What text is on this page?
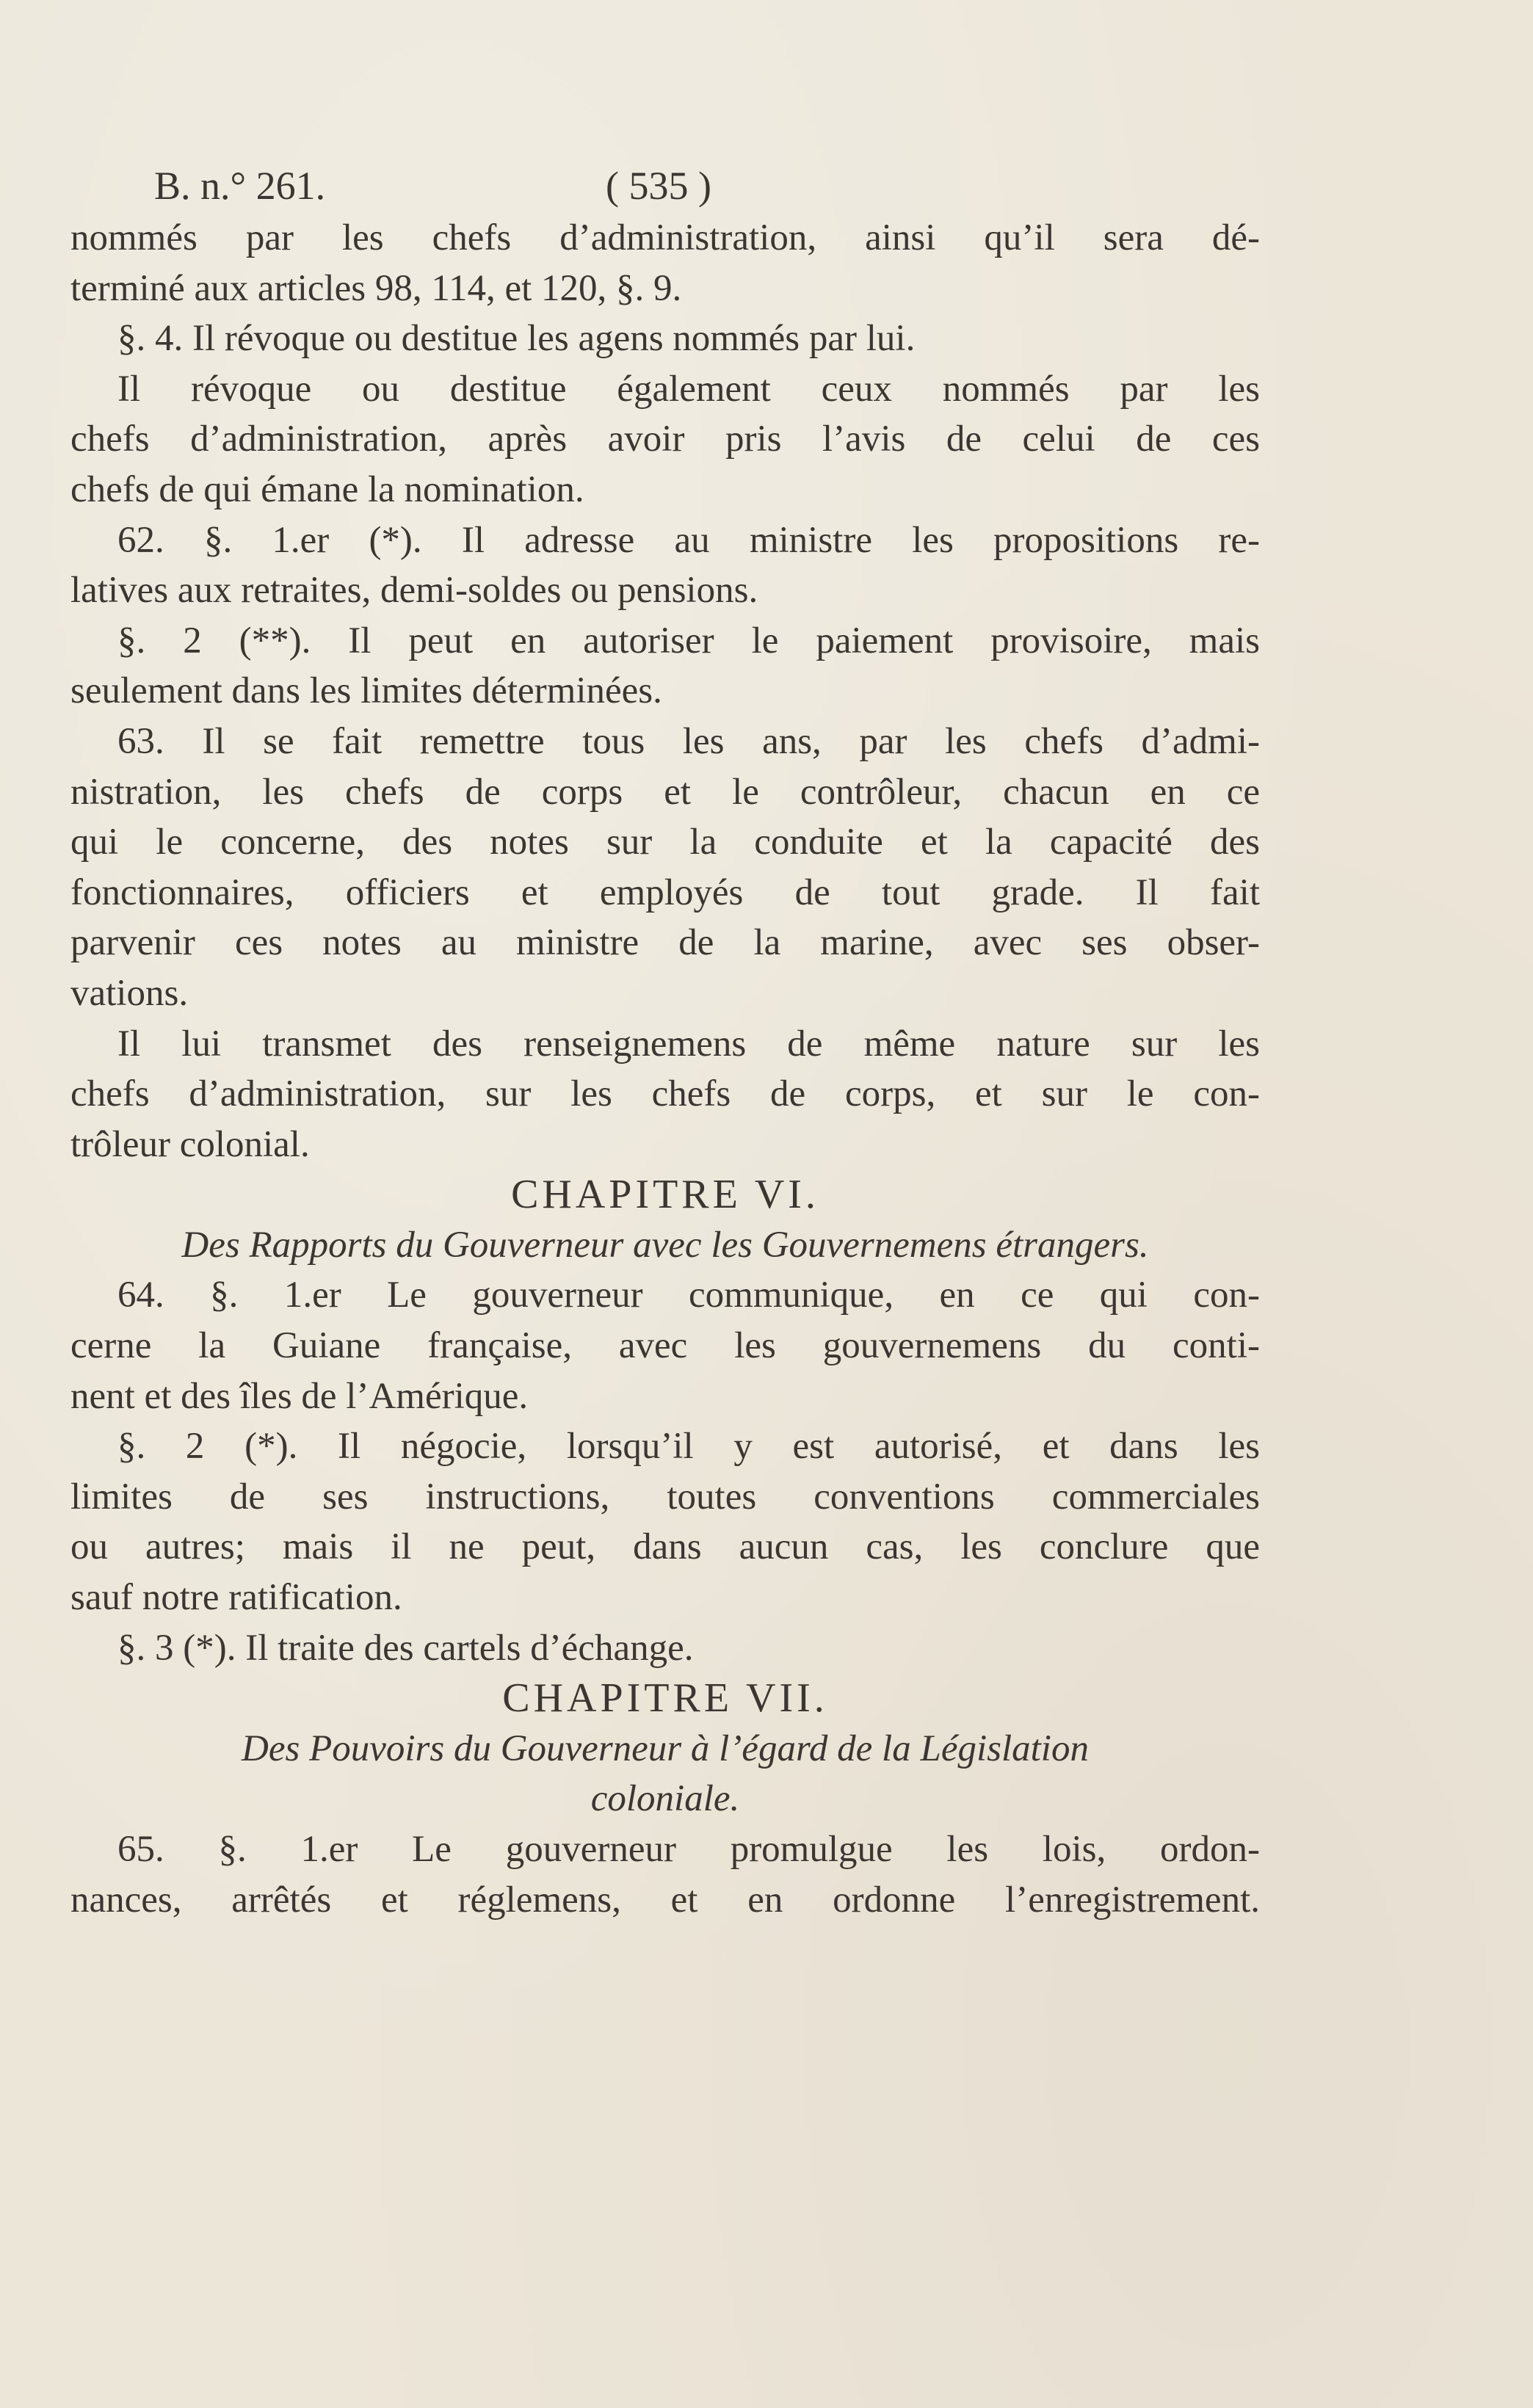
B. n.° 261.	( 535 )
nommés par les chefs d’administration, ainsi qu’il sera dé-
terminé aux articles 98, 114, et 120, §. 9.
§. 4. Il révoque ou destitue les agens nommés par lui.
Il révoque ou destitue également ceux nommés par les
chefs d’administration, après avoir pris l’avis de celui de ces
chefs de qui émane la nomination.
62. §. 1.er (*). Il adresse au ministre les propositions re-
latives aux retraites, demi-soldes ou pensions.
§. 2 (**). Il peut en autoriser le paiement provisoire, mais
seulement dans les limites déterminées.
63. Il se fait remettre tous les ans, par les chefs d’admi-
nistration, les chefs de corps et le contrôleur, chacun en ce
qui le concerne, des notes sur la conduite et la capacité des
fonctionnaires, officiers et employés de tout grade. Il fait
parvenir ces notes au ministre de la marine, avec ses obser-
vations.
Il lui transmet des renseignemens de même nature sur les
chefs d’administration, sur les chefs de corps, et sur le con-
trôleur colonial.
CHAPITRE VI.
Des Rapports du Gouverneur avec les Gouvernemens étrangers.
64. §. 1.er Le gouverneur communique, en ce qui con-
cerne la Guiane française, avec les gouvernemens du conti-
nent et des îles de l’Amérique.
§. 2 (*). Il négocie, lorsqu’il y est autorisé, et dans les
limites de ses instructions, toutes conventions commerciales
ou autres; mais il ne peut, dans aucun cas, les conclure que
sauf notre ratification.
§. 3 (*). Il traite des cartels d’échange.
CHAPITRE VII.
Des Pouvoirs du Gouverneur à l’égard de la Législation
coloniale.
65. §. 1.er Le gouverneur promulgue les lois, ordon-
nances, arrêtés et réglemens, et en ordonne l’enregistrement.
